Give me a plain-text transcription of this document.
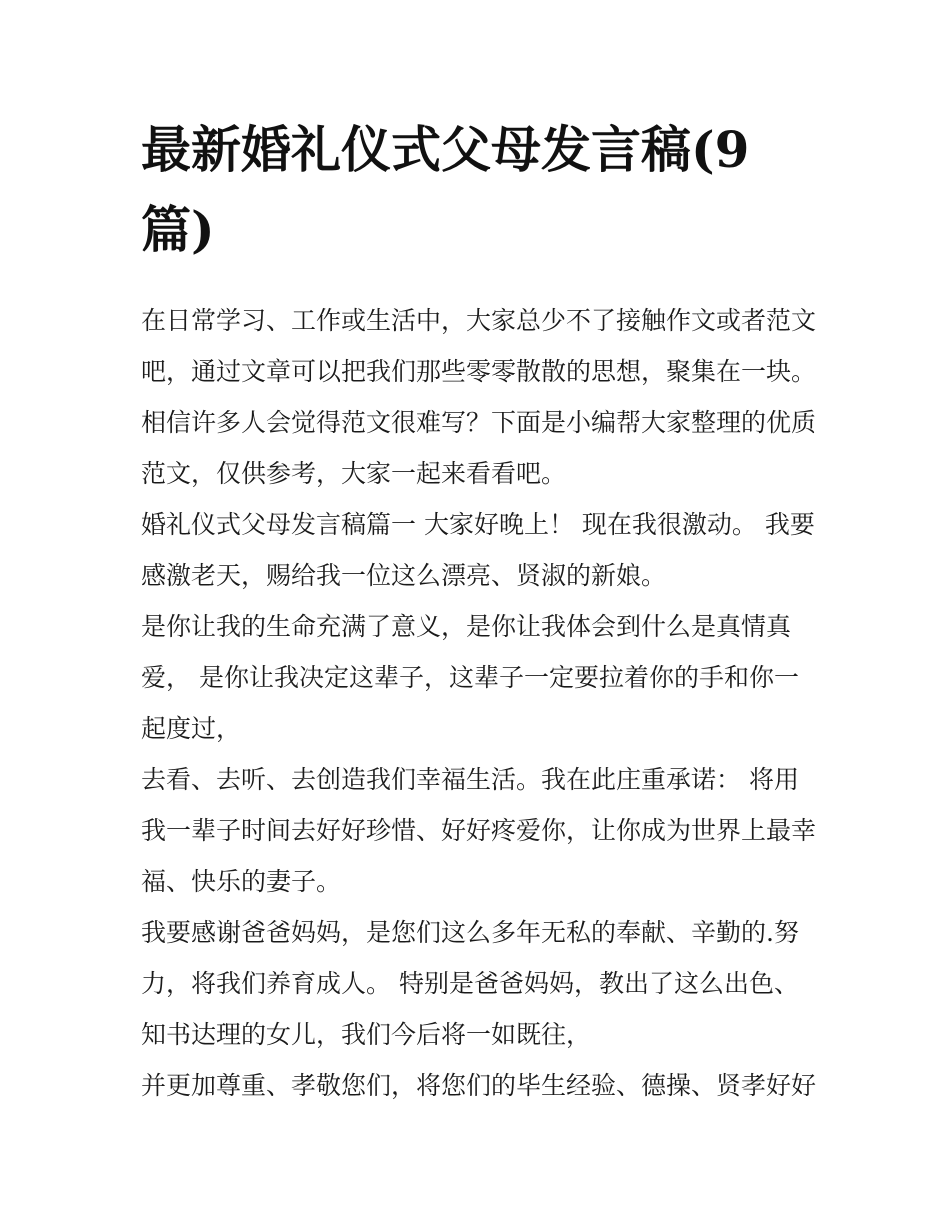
最新婚礼仪式父母发言稿(9篇)

在日常学习、工作或生活中，大家总少不了接触作文或者范文吧，通过文章可以把我们那些零零散散的思想，聚集在一块。相信许多人会觉得范文很难写？下面是小编帮大家整理的优质范文，仅供参考，大家一起来看看吧。

婚礼仪式父母发言稿篇一 大家好晚上！ 现在我很激动。 我要感激老天，赐给我一位这么漂亮、贤淑的新娘。

是你让我的生命充满了意义，是你让我体会到什么是真情真爱， 是你让我决定这辈子，这辈子一定要拉着你的手和你一起度过，

去看、去听、去创造我们幸福生活。我在此庄重承诺： 将用我一辈子时间去好好珍惜、好好疼爱你，让你成为世界上最幸福、快乐的妻子。

我要感谢爸爸妈妈，是您们这么多年无私的奉献、辛勤的.努力，将我们养育成人。 特别是爸爸妈妈，教出了这么出色、知书达理的女儿，我们今后将一如既往，

并更加尊重、孝敬您们，将您们的毕生经验、德操、贤孝好好
